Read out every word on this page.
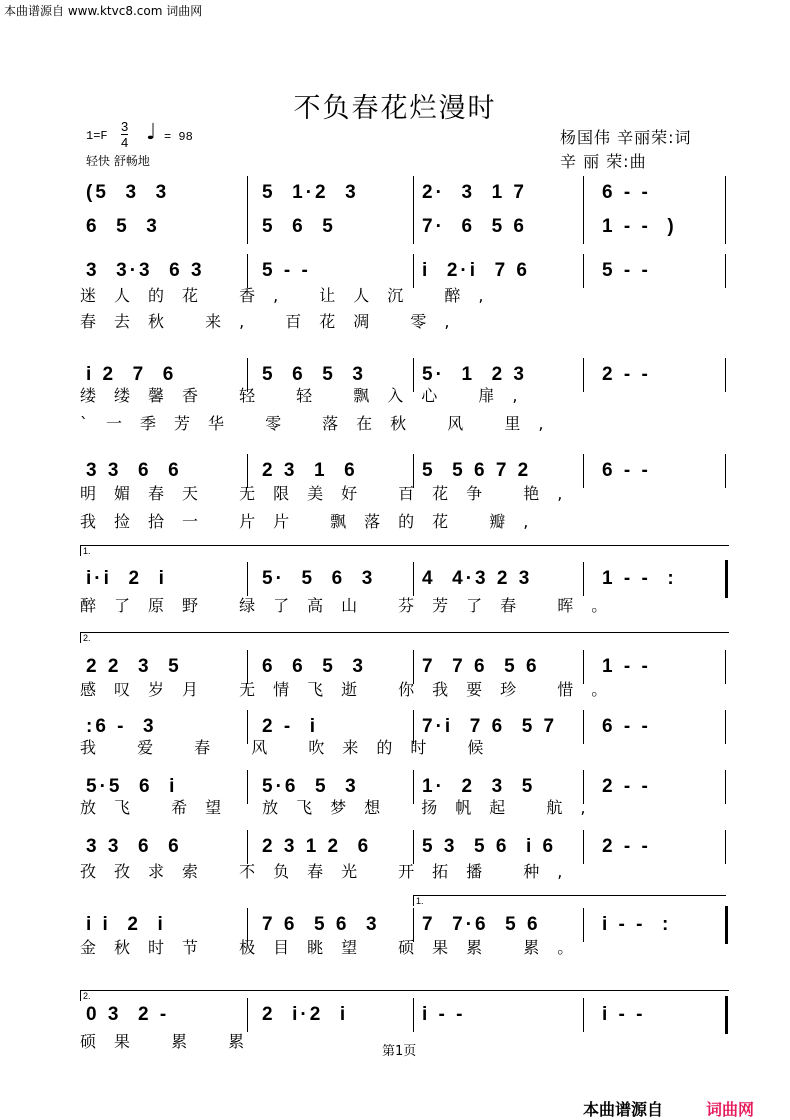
本曲谱源自 www.ktvc8.com 词曲网
不负春花烂漫时
$1=F \frac{3}{4}$ ♩ = 98
轻快 舒畅地
杨国伟 辛丽荣:词
辛 丽 荣:曲
(5  3  3	5  1·2  3	2·  3  1 7	6 - -
6  5  3	5  6  5	7·  6  5 6	1 - -  )
3  3·3  6 3	5 - -	i  2·i  7 6	5 - -
迷人的花 香, 让人沉 醉,
春去秋 来, 百花凋 零,
i 2  7  6	5  6  5  3	5·  1  2 3	2 - -
缕缕馨香 轻 轻 飘入心 扉,
`一季芳华 零 落在秋 风 里,
3 3  6  6	2 3  1  6	5  5 6 7 2	6 - -
明媚春天 无限美好 百花争 艳,
我捡拾一 片片 飘落的花 瓣,
1.
i·i  2  i	5·  5  6  3	4  4·3 2 3	1 - -  :
醉了原野 绿了高山 芬芳了春 晖。
2.
2 2  3  5	6  6  5  3	7  7 6  5 6	1 - -
感叹岁月 无情飞逝 你我要珍 惜。
:6 -  3	2 -  i	7·i  7 6  5 7	6 - -
我 爱 春 风 吹来的时 候
5·5  6  i	5·6  5  3	1·  2  3  5	2 - -
放飞 希望 放飞梦想 扬帆起 航,
3 3  6  6	2 3 1 2  6	5 3  5 6  i 6	2 - -
孜孜求索 不负春光 开拓播 种,
1.
i i  2  i	7 6  5 6  3	7  7·6  5 6	i - -  :
金秋时节 极目眺望 硕果累 累。
2.
0 3  2 -	2  i·2  i	i - -	i - -
硕果 累 累
第1页
本曲谱源自	词曲网
